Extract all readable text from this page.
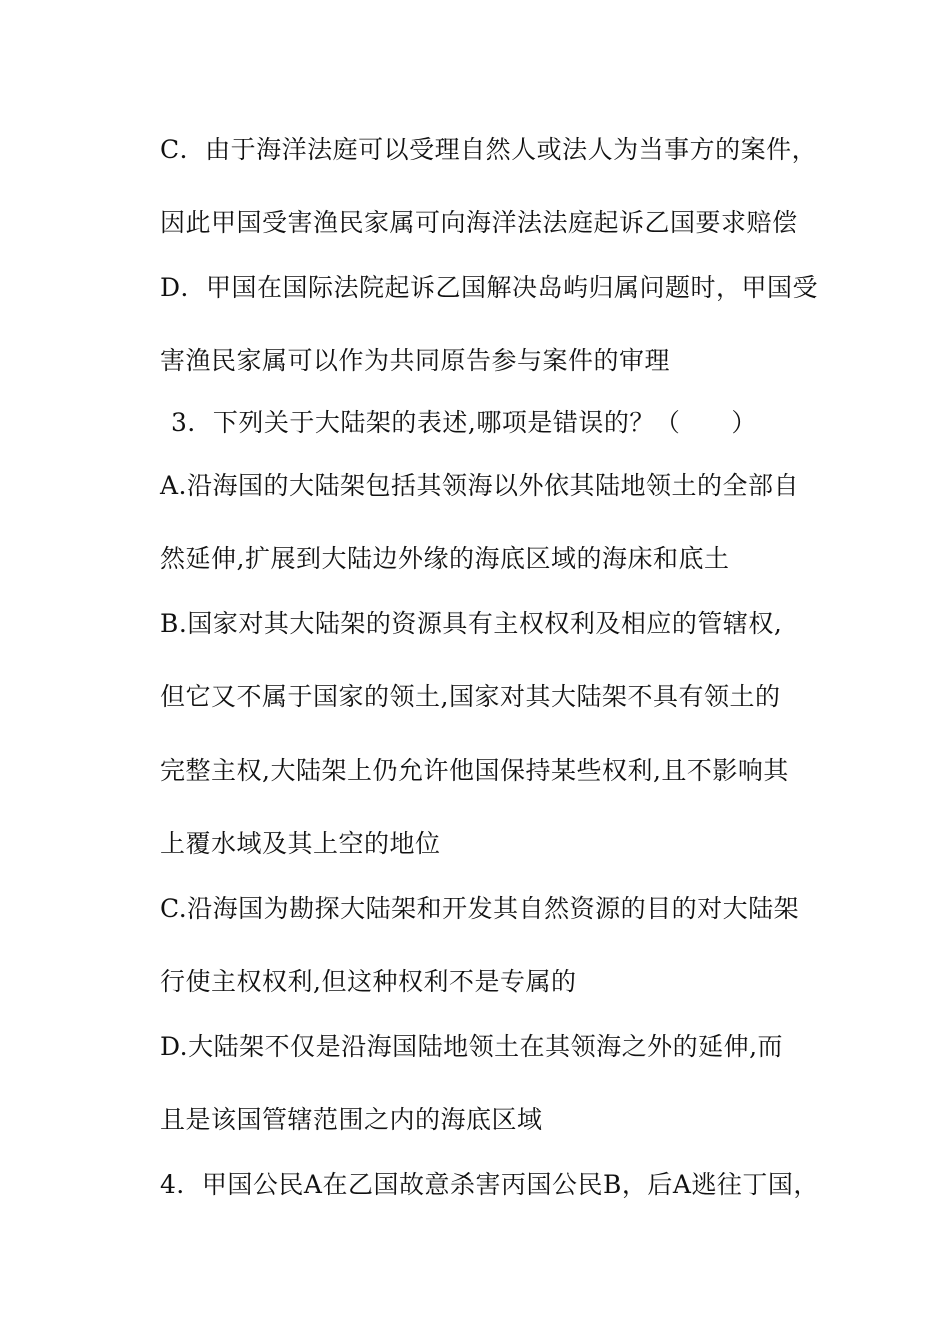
C．由于海洋法庭可以受理自然人或法人为当事方的案件，

因此甲国受害渔民家属可向海洋法法庭起诉乙国要求赔偿

D．甲国在国际法院起诉乙国解决岛屿归属问题时，甲国受

害渔民家属可以作为共同原告参与案件的审理

3．下列关于大陆架的表述,哪项是错误的？（　　）

A.沿海国的大陆架包括其领海以外依其陆地领土的全部自

然延伸,扩展到大陆边外缘的海底区域的海床和底土

B.国家对其大陆架的资源具有主权权利及相应的管辖权,

但它又不属于国家的领土,国家对其大陆架不具有领土的

完整主权,大陆架上仍允许他国保持某些权利,且不影响其

上覆水域及其上空的地位

C.沿海国为勘探大陆架和开发其自然资源的目的对大陆架

行使主权权利,但这种权利不是专属的

D.大陆架不仅是沿海国陆地领土在其领海之外的延伸,而

且是该国管辖范围之内的海底区域

4．甲国公民A在乙国故意杀害丙国公民B，后A逃往丁国，
